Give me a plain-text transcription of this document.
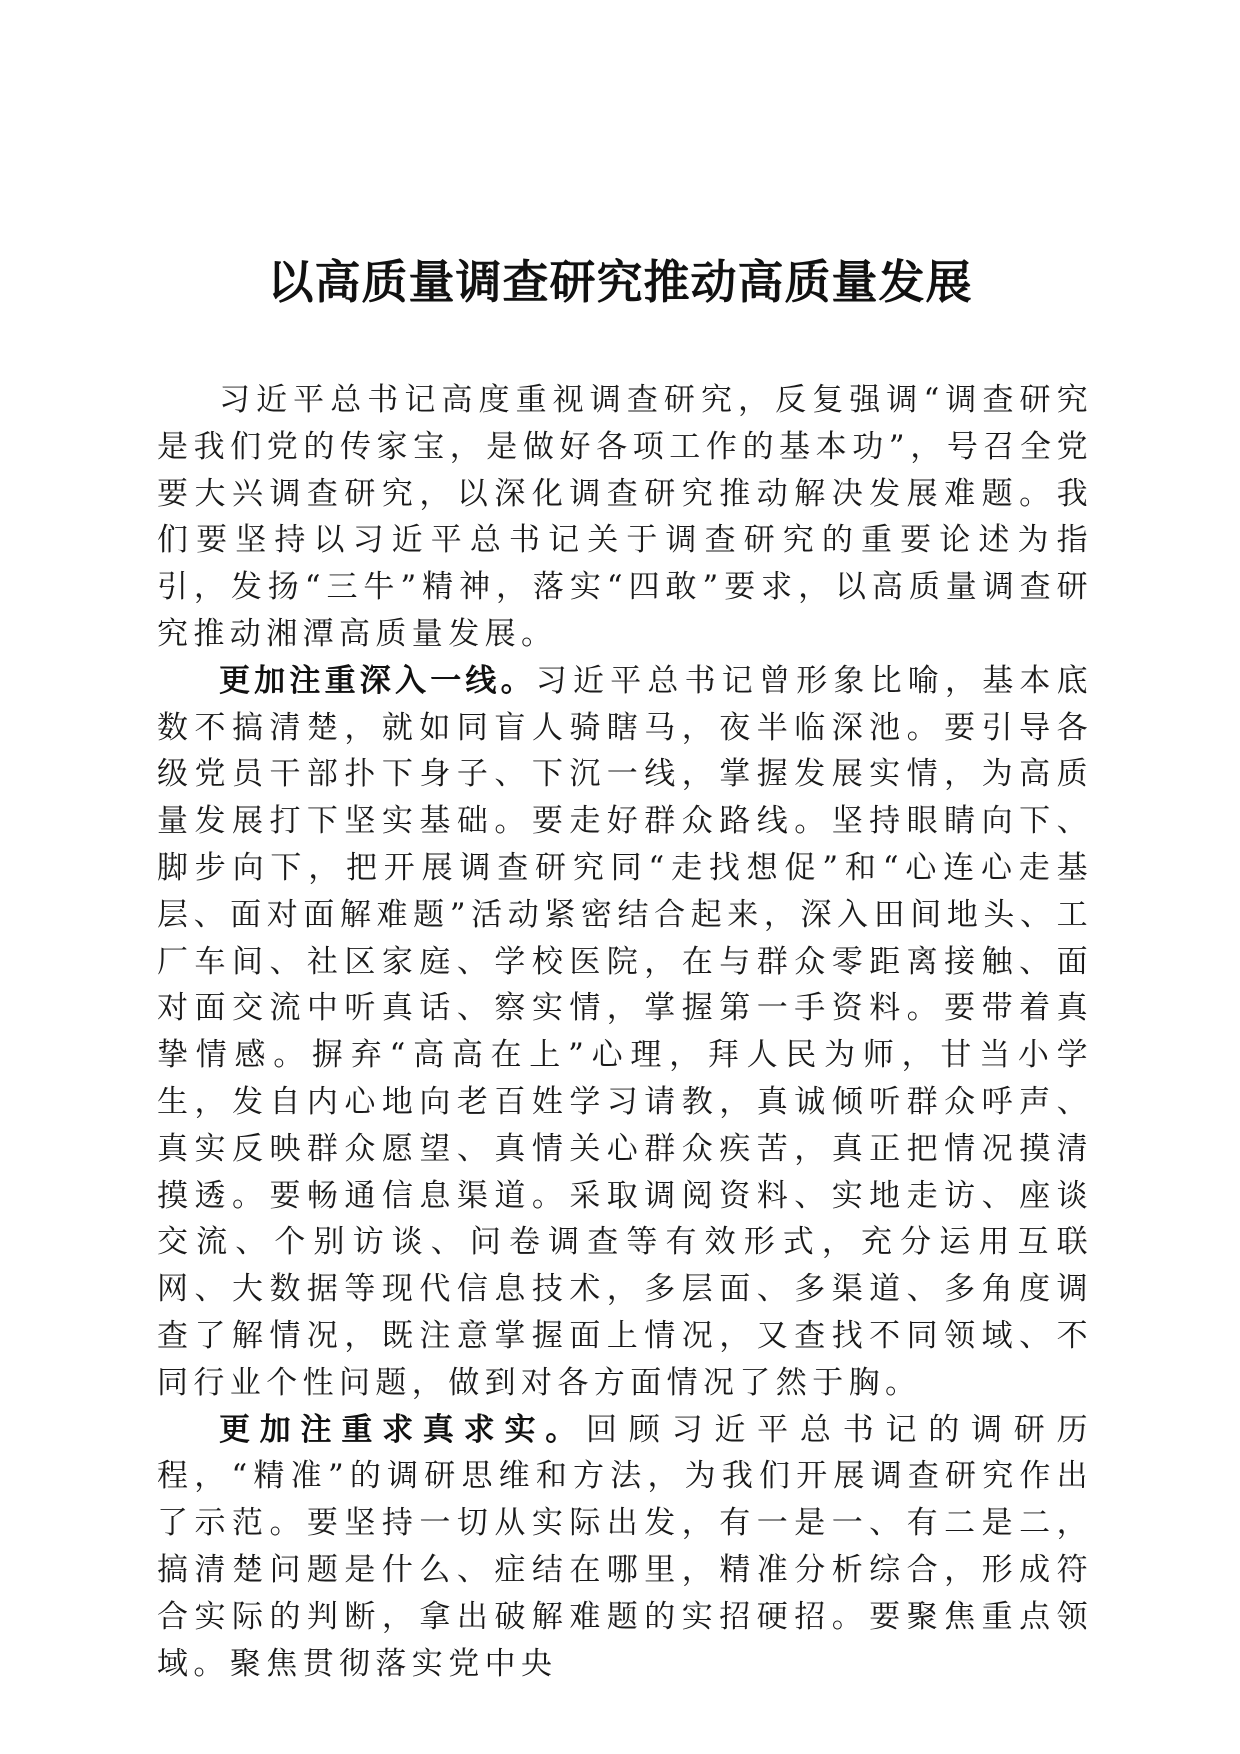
以高质量调查研究推动高质量发展

习近平总书记高度重视调查研究，反复强调“调查研究是我们党的传家宝，是做好各项工作的基本功”，号召全党要大兴调查研究，以深化调查研究推动解决发展难题。我们要坚持以习近平总书记关于调查研究的重要论述为指引，发扬“三牛”精神，落实“四敢”要求，以高质量调查研究推动湘潭高质量发展。

更加注重深入一线。习近平总书记曾形象比喻，基本底数不搞清楚，就如同盲人骑瞎马，夜半临深池。要引导各级党员干部扑下身子、下沉一线，掌握发展实情，为高质量发展打下坚实基础。要走好群众路线。坚持眼睛向下、脚步向下，把开展调查研究同“走找想促”和“心连心走基层、面对面解难题”活动紧密结合起来，深入田间地头、工厂车间、社区家庭、学校医院，在与群众零距离接触、面对面交流中听真话、察实情，掌握第一手资料。要带着真挚情感。摒弃“高高在上”心理，拜人民为师，甘当小学生，发自内心地向老百姓学习请教，真诚倾听群众呼声、真实反映群众愿望、真情关心群众疾苦，真正把情况摸清摸透。要畅通信息渠道。采取调阅资料、实地走访、座谈交流、个别访谈、问卷调查等有效形式，充分运用互联网、大数据等现代信息技术，多层面、多渠道、多角度调查了解情况，既注意掌握面上情况，又查找不同领域、不同行业个性问题，做到对各方面情况了然于胸。

更加注重求真求实。回顾习近平总书记的调研历程，“精准”的调研思维和方法，为我们开展调查研究作出了示范。要坚持一切从实际出发，有一是一、有二是二，搞清楚问题是什么、症结在哪里，精准分析综合，形成符合实际的判断，拿出破解难题的实招硬招。要聚焦重点领域。聚焦贯彻落实党中央
